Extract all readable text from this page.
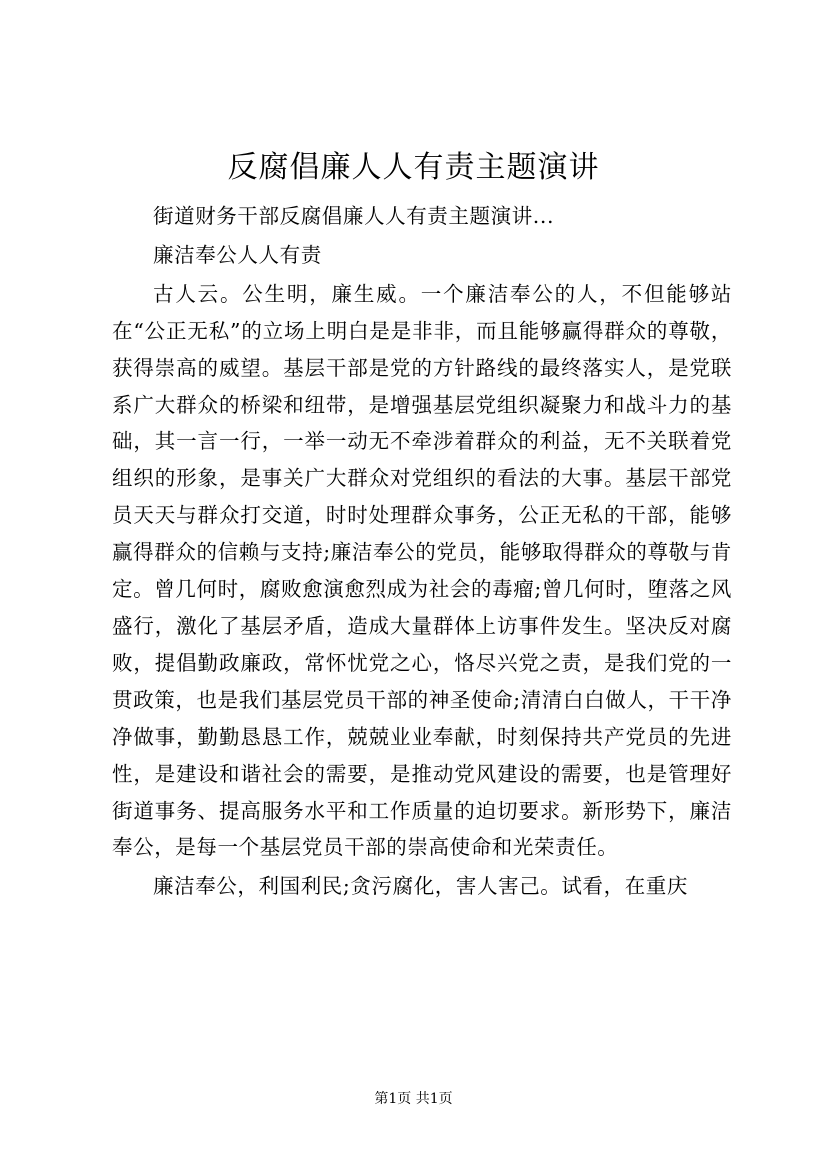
反腐倡廉人人有责主题演讲

街道财务干部反腐倡廉人人有责主题演讲...

廉洁奉公人人有责

古人云。公生明，廉生威。一个廉洁奉公的人，不但能够站在“公正无私”的立场上明白是是非非，而且能够赢得群众的尊敬，获得崇高的威望。基层干部是党的方针路线的最终落实人，是党联系广大群众的桥梁和纽带，是增强基层党组织凝聚力和战斗力的基础，其一言一行，一举一动无不牵涉着群众的利益，无不关联着党组织的形象，是事关广大群众对党组织的看法的大事。基层干部党员天天与群众打交道，时时处理群众事务，公正无私的干部，能够赢得群众的信赖与支持;廉洁奉公的党员，能够取得群众的尊敬与肯定。曾几何时，腐败愈演愈烈成为社会的毒瘤;曾几何时，堕落之风盛行，激化了基层矛盾，造成大量群体上访事件发生。坚决反对腐败，提倡勤政廉政，常怀忧党之心，恪尽兴党之责，是我们党的一贯政策，也是我们基层党员干部的神圣使命;清清白白做人，干干净净做事，勤勤恳恳工作，兢兢业业奉献，时刻保持共产党员的先进性，是建设和谐社会的需要，是推动党风建设的需要，也是管理好街道事务、提高服务水平和工作质量的迫切要求。新形势下，廉洁奉公，是每一个基层党员干部的崇高使命和光荣责任。

廉洁奉公，利国利民;贪污腐化，害人害己。试看，在重庆

第1页 共1页
